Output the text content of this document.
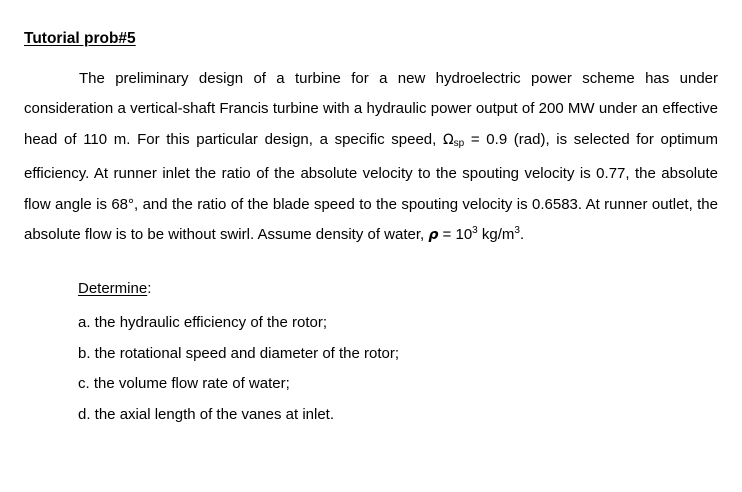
Tutorial prob#5

The preliminary design of a turbine for a new hydroelectric power scheme has under consideration a vertical-shaft Francis turbine with a hydraulic power output of 200 MW under an effective head of 110 m. For this particular design, a specific speed, $\Omega_{sp} = 0.9$ (rad), is selected for optimum efficiency. At runner inlet the ratio of the absolute velocity to the spouting velocity is 0.77, the absolute flow angle is 68°, and the ratio of the blade speed to the spouting velocity is 0.6583. At runner outlet, the absolute flow is to be without swirl. Assume density of water, $\rho = 10^3$ $kg/m^3$.

Determine:
a. the hydraulic efficiency of the rotor;
b. the rotational speed and diameter of the rotor;
c. the volume flow rate of water;
d. the axial length of the vanes at inlet.
